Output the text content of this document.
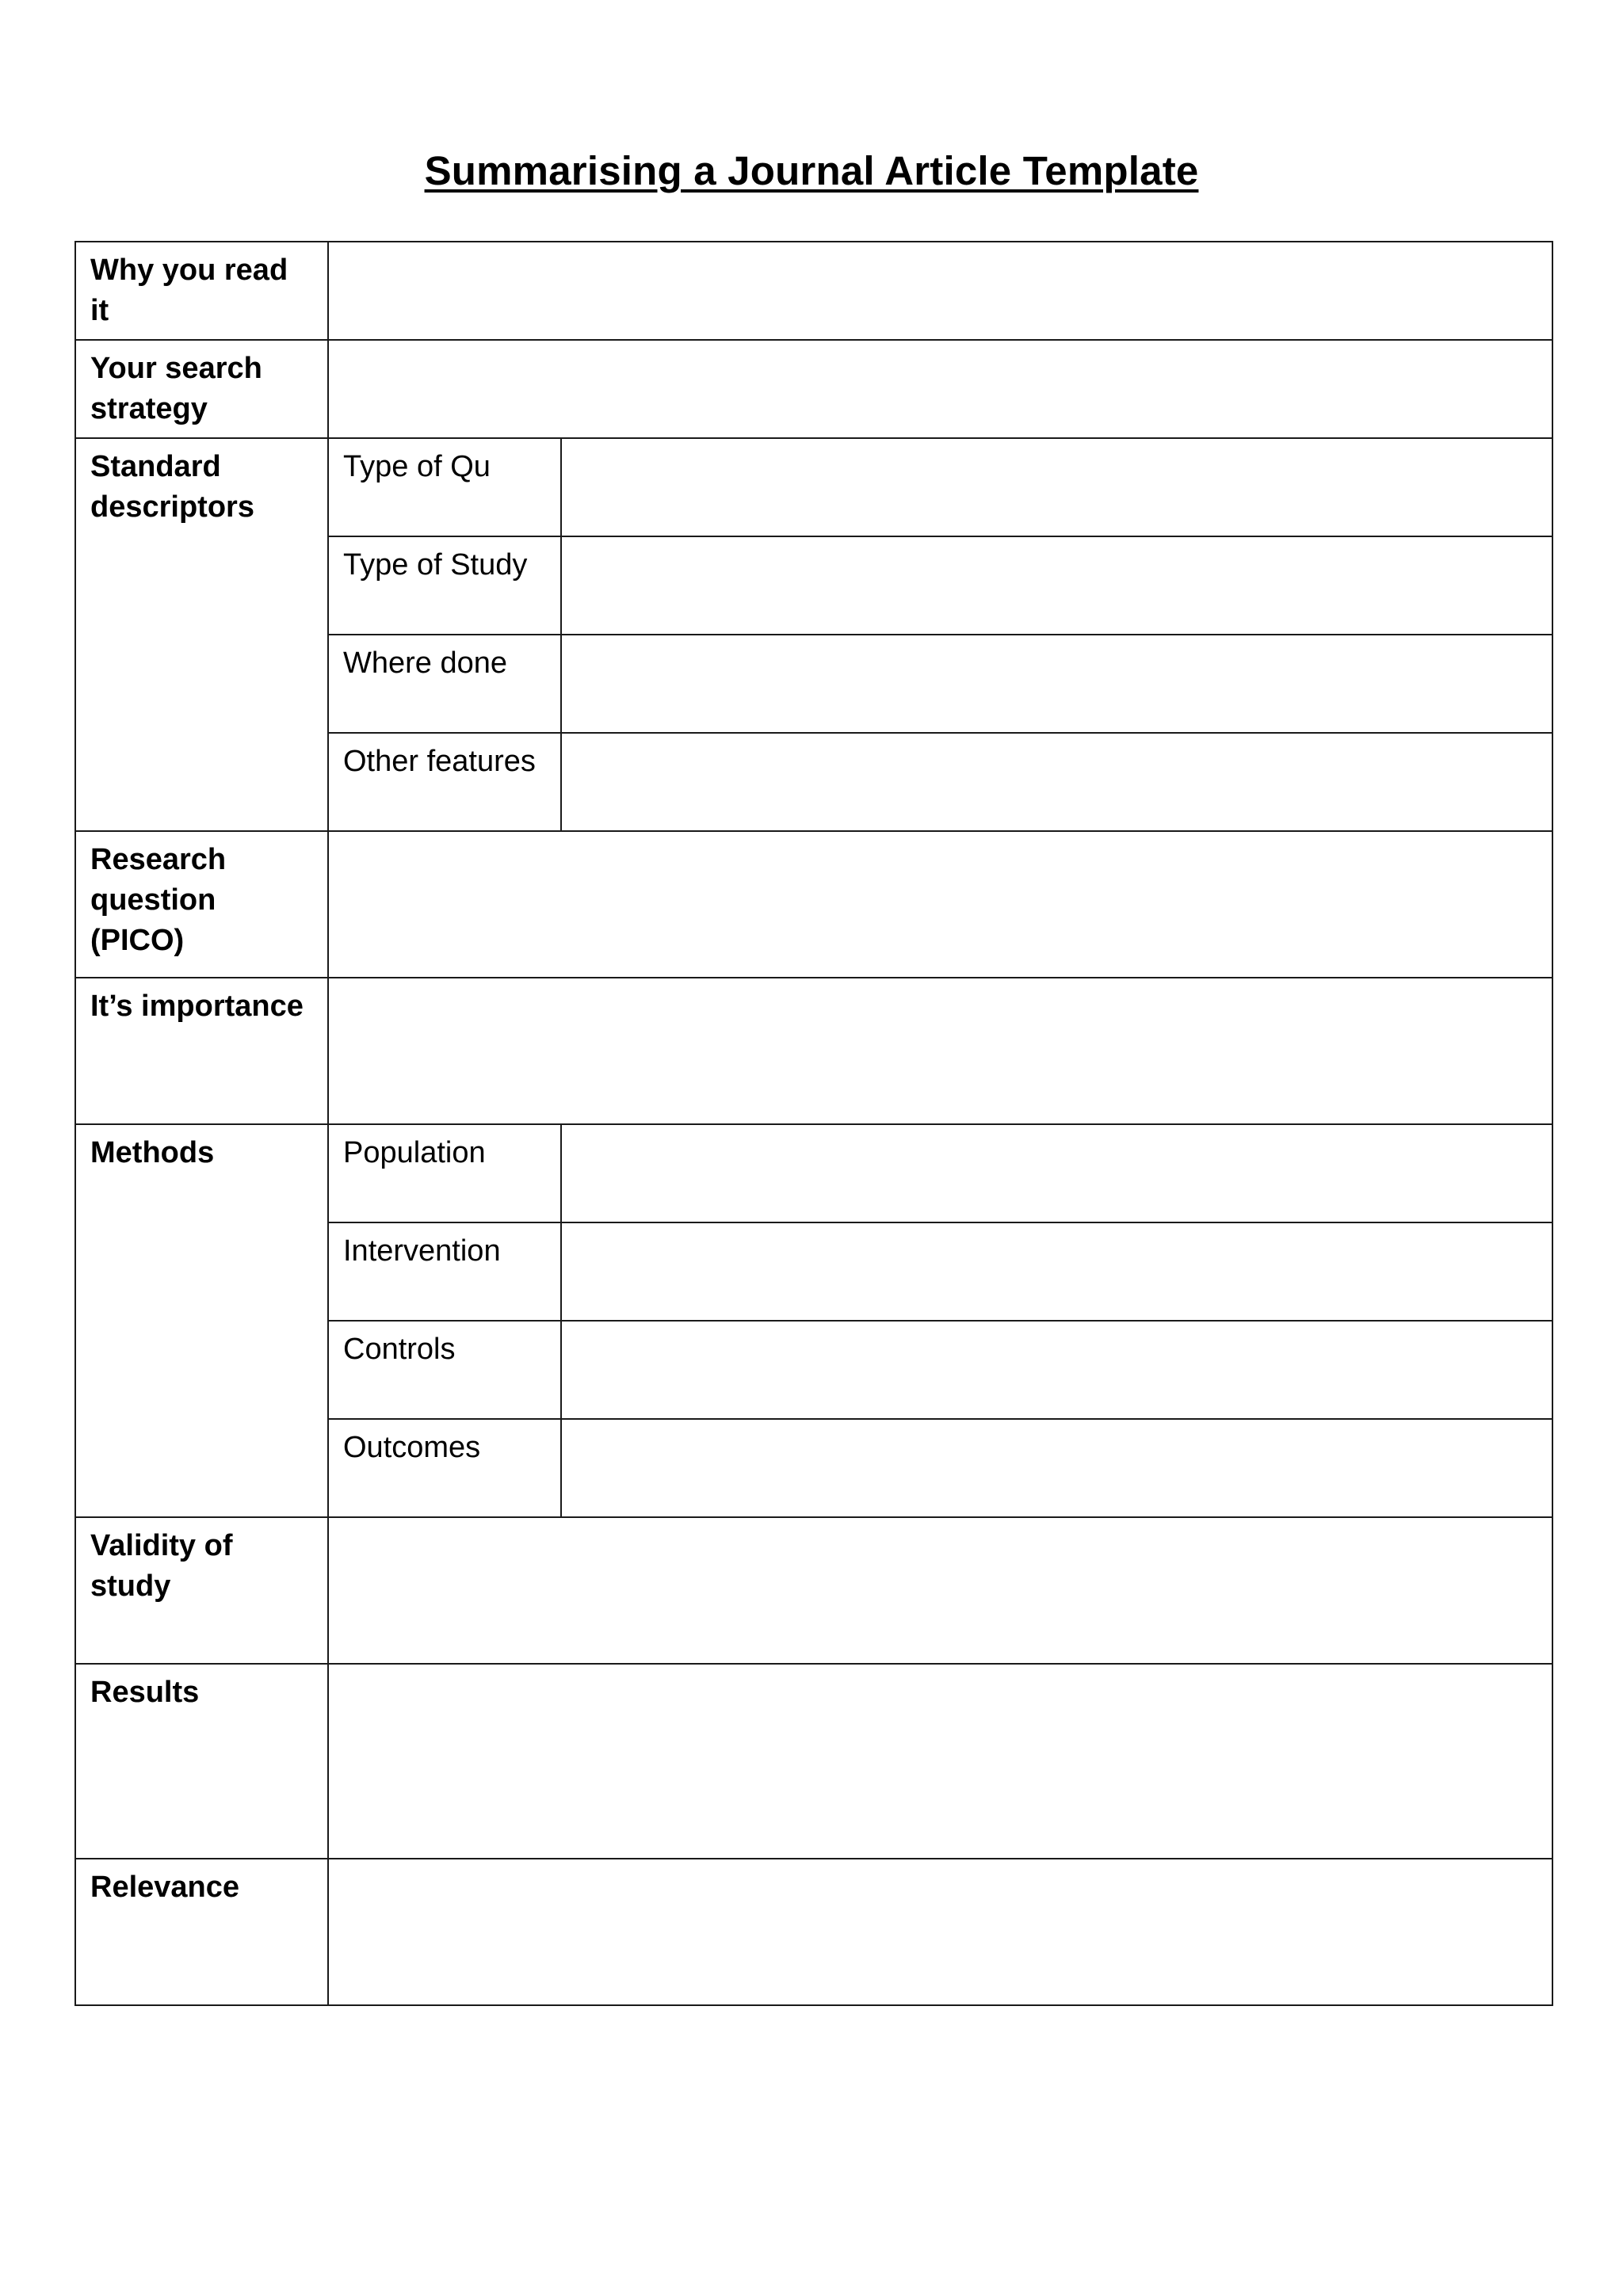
Summarising a Journal Article Template
Why you read it		
Your search strategy		
Standard descriptors	Type of Qu	
	Type of Study	
	Where done	
	Other features	
Research question (PICO)		
It’s importance		
Methods	Population	
	Intervention	
	Controls	
	Outcomes	
Validity of study		
Results		
Relevance		
